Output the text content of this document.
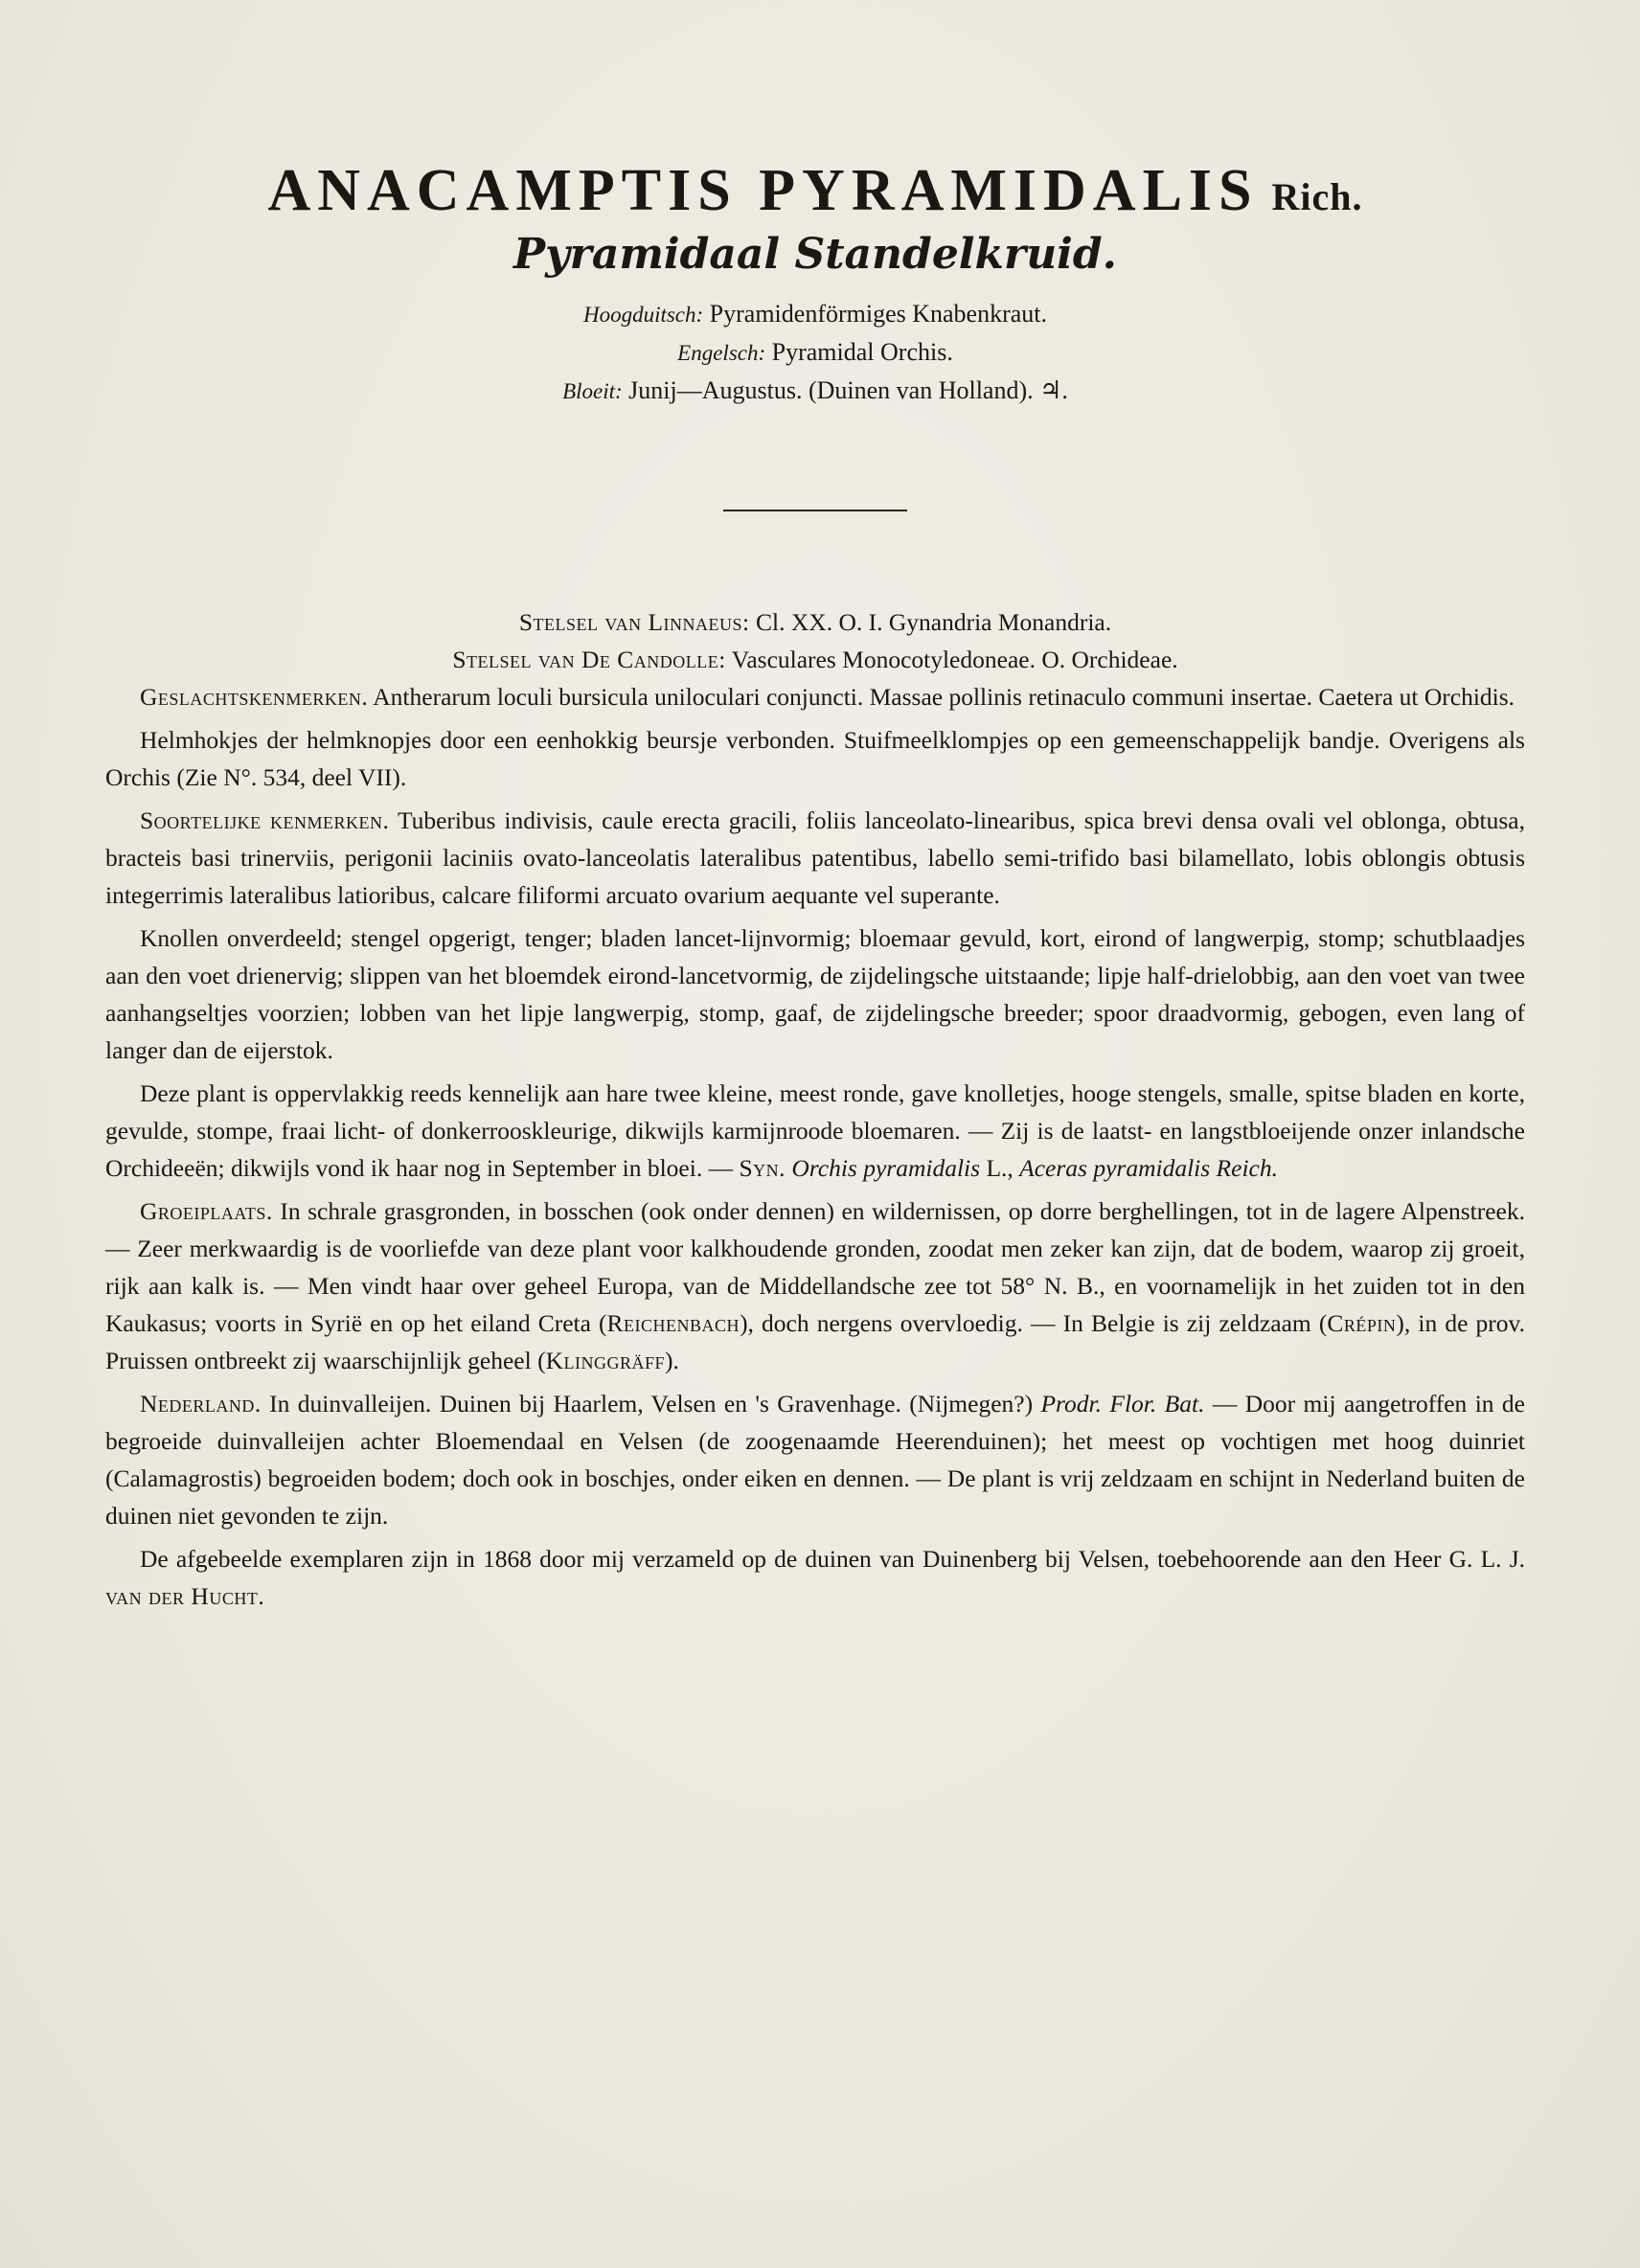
ANACAMPTIS PYRAMIDALIS Rich.
Pyramidaal Standelkruid.

Hoogduitsch: Pyramidenförmiges Knabenkraut.

Engelsch: Pyramidal Orchis.

Bloeit: Junij—Augustus. (Duinen van Holland). ♃.

Stelsel van Linnaeus: Cl. XX. O. I. Gynandria Monandria.

Stelsel van De Candolle: Vasculares Monocotyledoneae. O. Orchideae.

Geslachtskenmerken. Antherarum loculi bursicula uniloculari conjuncti. Massae pollinis retinaculo communi insertae. Caetera ut Orchidis.

Helmhokjes der helmknopjes door een eenhokkig beursje verbonden. Stuifmeelklompjes op een gemeenschappelijk bandje. Overigens als Orchis (Zie N°. 534, deel VII).

Soortelijke kenmerken. Tuberibus indivisis, caule erecta gracili, foliis lanceolato-linearibus, spica brevi densa ovali vel oblonga, obtusa, bracteis basi trinerviis, perigonii laciniis ovato-lanceolatis lateralibus patentibus, labello semi-trifido basi bilamellato, lobis oblongis obtusis integerrimis lateralibus latioribus, calcare filiformi arcuato ovarium aequante vel superante.

Knollen onverdeeld; stengel opgerigt, tenger; bladen lancet-lijnvormig; bloemaar gevuld, kort, eirond of langwerpig, stomp; schutblaadjes aan den voet drienervig; slippen van het bloemdek eirond-lancetvormig, de zijdelingsche uitstaande; lipje half-drielobbig, aan den voet van twee aanhangseltjes voorzien; lobben van het lipje langwerpig, stomp, gaaf, de zijdelingsche breeder; spoor draadvormig, gebogen, even lang of langer dan de eijerstok.

Deze plant is oppervlakkig reeds kennelijk aan hare twee kleine, meest ronde, gave knolletjes, hooge stengels, smalle, spitse bladen en korte, gevulde, stompe, fraai licht- of donkerrooskleurige, dikwijls karmijnroode bloemaren. — Zij is de laatst- en langstbloeijende onzer inlandsche Orchideeën; dikwijls vond ik haar nog in September in bloei. — Syn. Orchis pyramidalis L., Aceras pyramidalis Reich.

Groeiplaats. In schrale grasgronden, in bosschen (ook onder dennen) en wildernissen, op dorre berghellingen, tot in de lagere Alpenstreek. — Zeer merkwaardig is de voorliefde van deze plant voor kalkhoudende gronden, zoodat men zeker kan zijn, dat de bodem, waarop zij groeit, rijk aan kalk is. — Men vindt haar over geheel Europa, van de Middellandsche zee tot 58° N. B., en voornamelijk in het zuiden tot in den Kaukasus; voorts in Syrië en op het eiland Creta (Reichenbach), doch nergens overvloedig. — In Belgie is zij zeldzaam (Crépin), in de prov. Pruissen ontbreekt zij waarschijnlijk geheel (Klinggräff).

Nederland. In duinvalleijen. Duinen bij Haarlem, Velsen en 's Gravenhage. (Nijmegen?) Prodr. Flor. Bat. — Door mij aangetroffen in de begroeide duinvalleijen achter Bloemendaal en Velsen (de zoogenaamde Heerenduinen); het meest op vochtigen met hoog duinriet (Calamagrostis) begroeiden bodem; doch ook in boschjes, onder eiken en dennen. — De plant is vrij zeldzaam en schijnt in Nederland buiten de duinen niet gevonden te zijn.

De afgebeelde exemplaren zijn in 1868 door mij verzameld op de duinen van Duinenberg bij Velsen, toebehoorende aan den Heer G. L. J. van der Hucht.
